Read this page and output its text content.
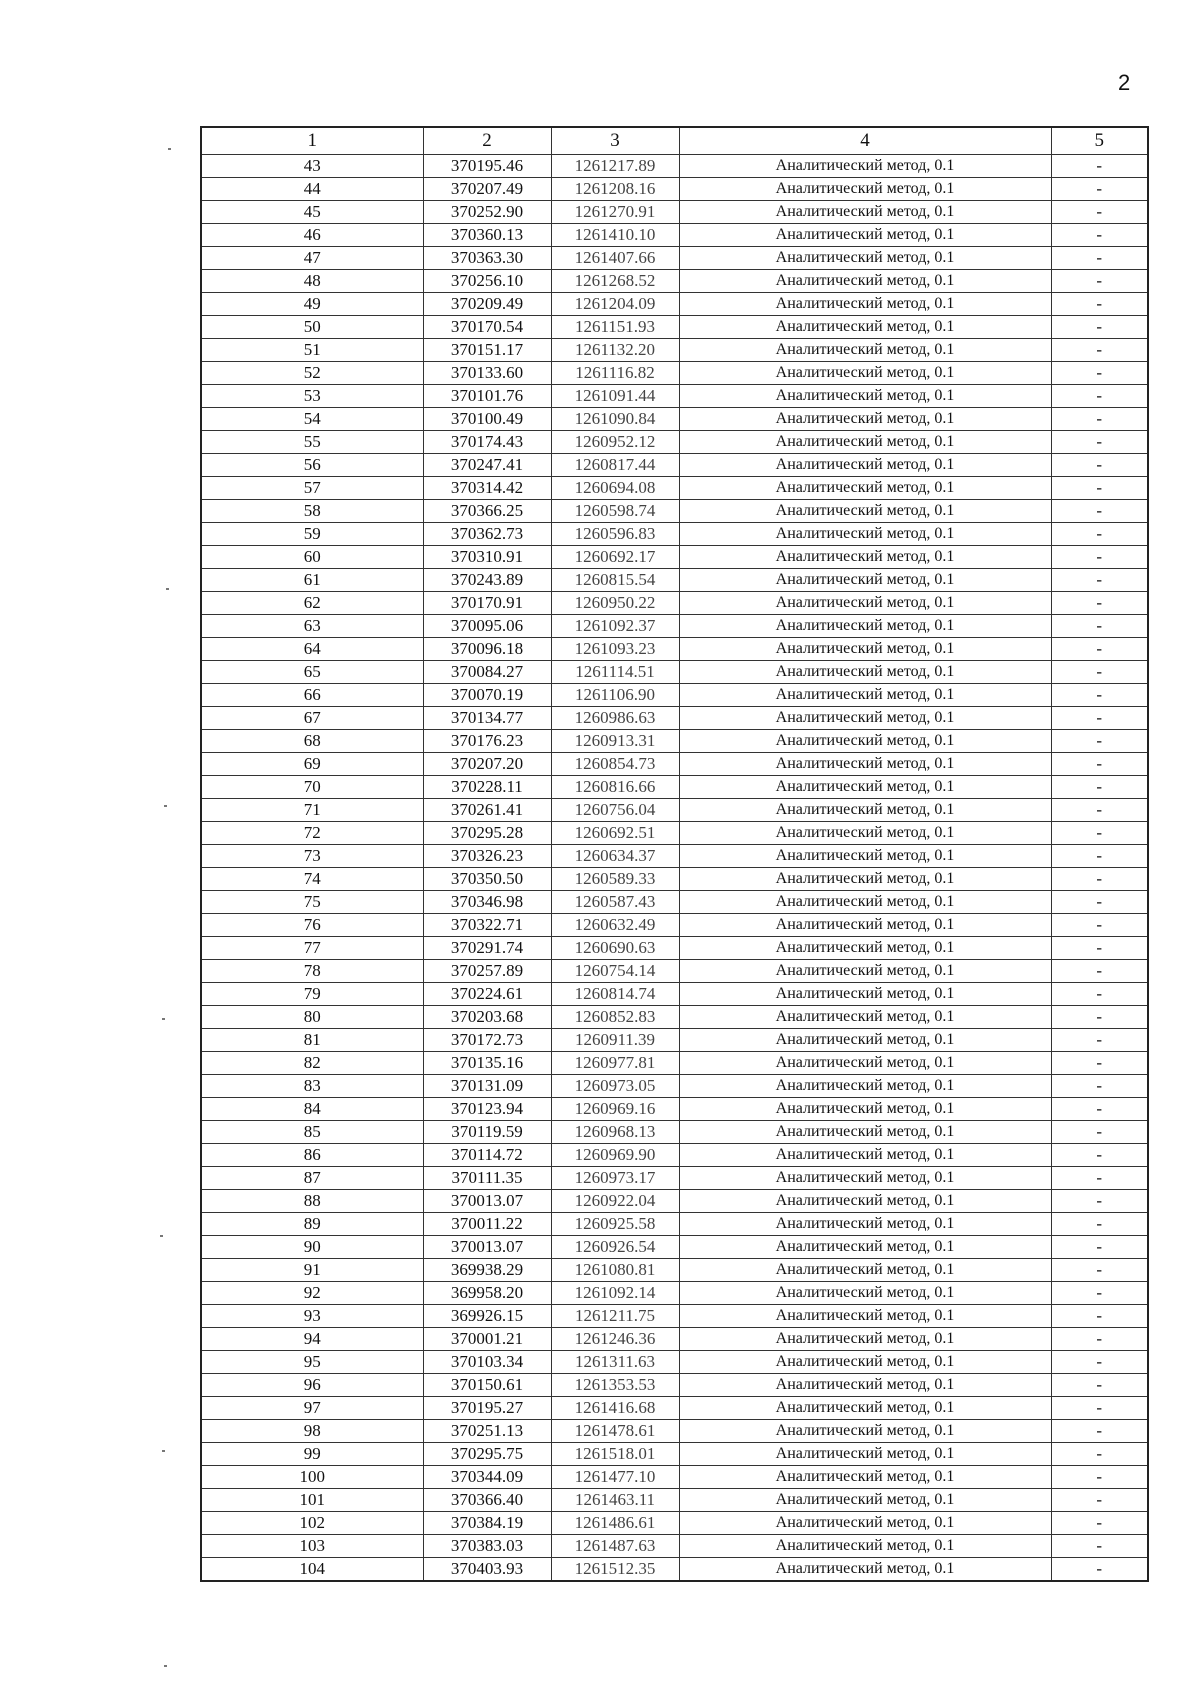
2
1	2	3	4	5
43	370195.46	1261217.89	Аналитический метод, 0.1	-
44	370207.49	1261208.16	Аналитический метод, 0.1	-
45	370252.90	1261270.91	Аналитический метод, 0.1	-
46	370360.13	1261410.10	Аналитический метод, 0.1	-
47	370363.30	1261407.66	Аналитический метод, 0.1	-
48	370256.10	1261268.52	Аналитический метод, 0.1	-
49	370209.49	1261204.09	Аналитический метод, 0.1	-
50	370170.54	1261151.93	Аналитический метод, 0.1	-
51	370151.17	1261132.20	Аналитический метод, 0.1	-
52	370133.60	1261116.82	Аналитический метод, 0.1	-
53	370101.76	1261091.44	Аналитический метод, 0.1	-
54	370100.49	1261090.84	Аналитический метод, 0.1	-
55	370174.43	1260952.12	Аналитический метод, 0.1	-
56	370247.41	1260817.44	Аналитический метод, 0.1	-
57	370314.42	1260694.08	Аналитический метод, 0.1	-
58	370366.25	1260598.74	Аналитический метод, 0.1	-
59	370362.73	1260596.83	Аналитический метод, 0.1	-
60	370310.91	1260692.17	Аналитический метод, 0.1	-
61	370243.89	1260815.54	Аналитический метод, 0.1	-
62	370170.91	1260950.22	Аналитический метод, 0.1	-
63	370095.06	1261092.37	Аналитический метод, 0.1	-
64	370096.18	1261093.23	Аналитический метод, 0.1	-
65	370084.27	1261114.51	Аналитический метод, 0.1	-
66	370070.19	1261106.90	Аналитический метод, 0.1	-
67	370134.77	1260986.63	Аналитический метод, 0.1	-
68	370176.23	1260913.31	Аналитический метод, 0.1	-
69	370207.20	1260854.73	Аналитический метод, 0.1	-
70	370228.11	1260816.66	Аналитический метод, 0.1	-
71	370261.41	1260756.04	Аналитический метод, 0.1	-
72	370295.28	1260692.51	Аналитический метод, 0.1	-
73	370326.23	1260634.37	Аналитический метод, 0.1	-
74	370350.50	1260589.33	Аналитический метод, 0.1	-
75	370346.98	1260587.43	Аналитический метод, 0.1	-
76	370322.71	1260632.49	Аналитический метод, 0.1	-
77	370291.74	1260690.63	Аналитический метод, 0.1	-
78	370257.89	1260754.14	Аналитический метод, 0.1	-
79	370224.61	1260814.74	Аналитический метод, 0.1	-
80	370203.68	1260852.83	Аналитический метод, 0.1	-
81	370172.73	1260911.39	Аналитический метод, 0.1	-
82	370135.16	1260977.81	Аналитический метод, 0.1	-
83	370131.09	1260973.05	Аналитический метод, 0.1	-
84	370123.94	1260969.16	Аналитический метод, 0.1	-
85	370119.59	1260968.13	Аналитический метод, 0.1	-
86	370114.72	1260969.90	Аналитический метод, 0.1	-
87	370111.35	1260973.17	Аналитический метод, 0.1	-
88	370013.07	1260922.04	Аналитический метод, 0.1	-
89	370011.22	1260925.58	Аналитический метод, 0.1	-
90	370013.07	1260926.54	Аналитический метод, 0.1	-
91	369938.29	1261080.81	Аналитический метод, 0.1	-
92	369958.20	1261092.14	Аналитический метод, 0.1	-
93	369926.15	1261211.75	Аналитический метод, 0.1	-
94	370001.21	1261246.36	Аналитический метод, 0.1	-
95	370103.34	1261311.63	Аналитический метод, 0.1	-
96	370150.61	1261353.53	Аналитический метод, 0.1	-
97	370195.27	1261416.68	Аналитический метод, 0.1	-
98	370251.13	1261478.61	Аналитический метод, 0.1	-
99	370295.75	1261518.01	Аналитический метод, 0.1	-
100	370344.09	1261477.10	Аналитический метод, 0.1	-
101	370366.40	1261463.11	Аналитический метод, 0.1	-
102	370384.19	1261486.61	Аналитический метод, 0.1	-
103	370383.03	1261487.63	Аналитический метод, 0.1	-
104	370403.93	1261512.35	Аналитический метод, 0.1	-
